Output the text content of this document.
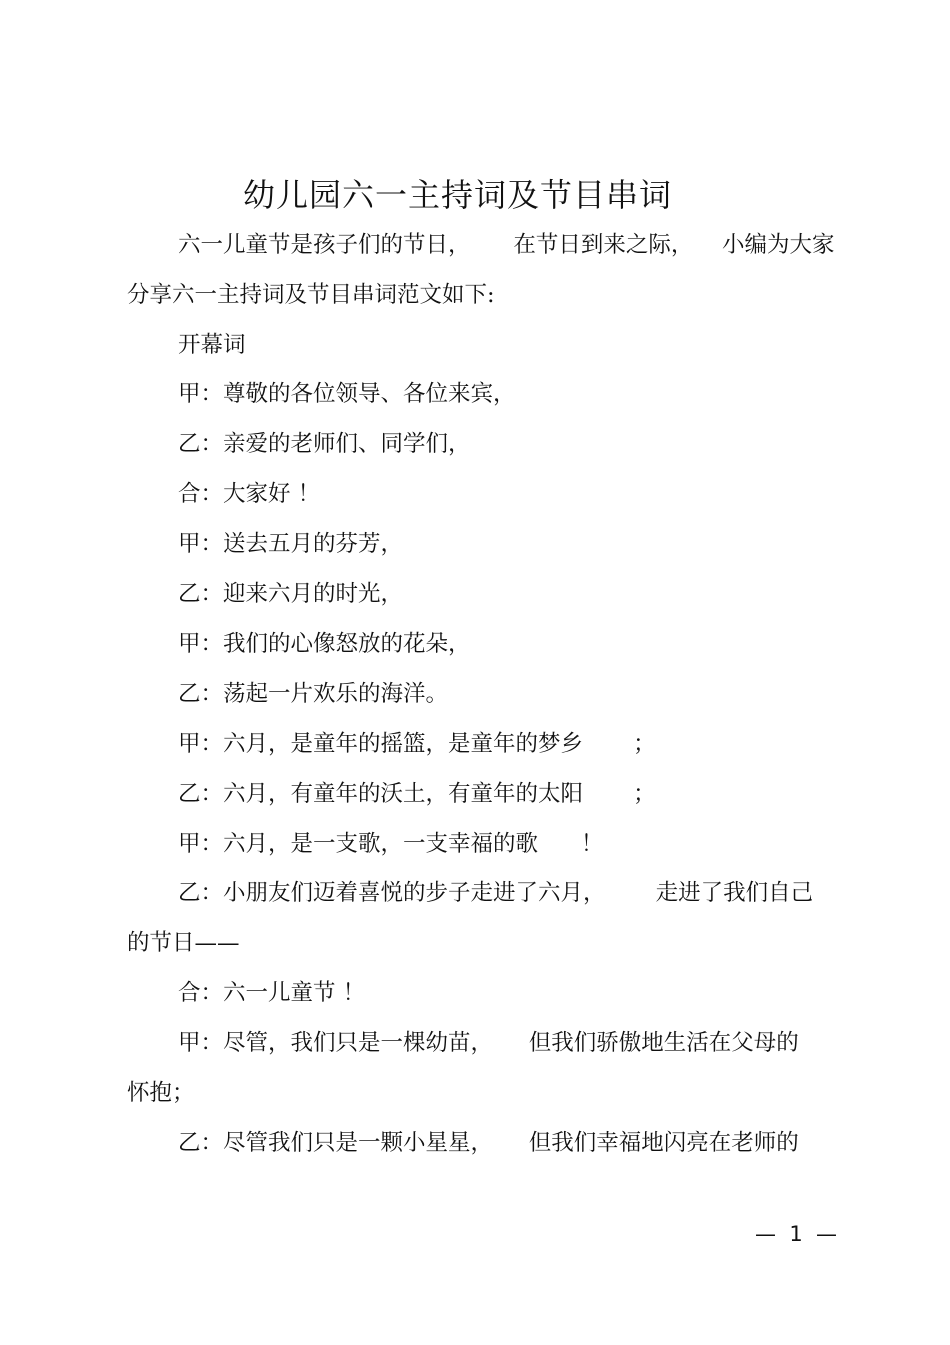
幼儿园六一主持词及节目串词
六一儿童节是孩子们的节日，      在节日到来之际，    小编为大家
分享六一主持词及节目串词范文如下:
开幕词
甲：尊敬的各位领导、各位来宾，
乙：亲爱的老师们、同学们，
合：大家好 ！
甲：送去五月的芬芳，
乙：迎来六月的时光，
甲：我们的心像怒放的花朵，
乙：荡起一片欢乐的海洋。
甲：六月，是童年的摇篮，是童年的梦乡       ；
乙：六月，有童年的沃土，有童年的太阳       ；
甲：六月，是一支歌，一支幸福的歌      ！
乙：小朋友们迈着喜悦的步子走进了六月，       走进了我们自己
的节日——
合：六一儿童节 ！
甲：尽管，我们只是一棵幼苗，     但我们骄傲地生活在父母的
怀抱；
乙：尽管我们只是一颗小星星，     但我们幸福地闪亮在老师的
—  1  —
